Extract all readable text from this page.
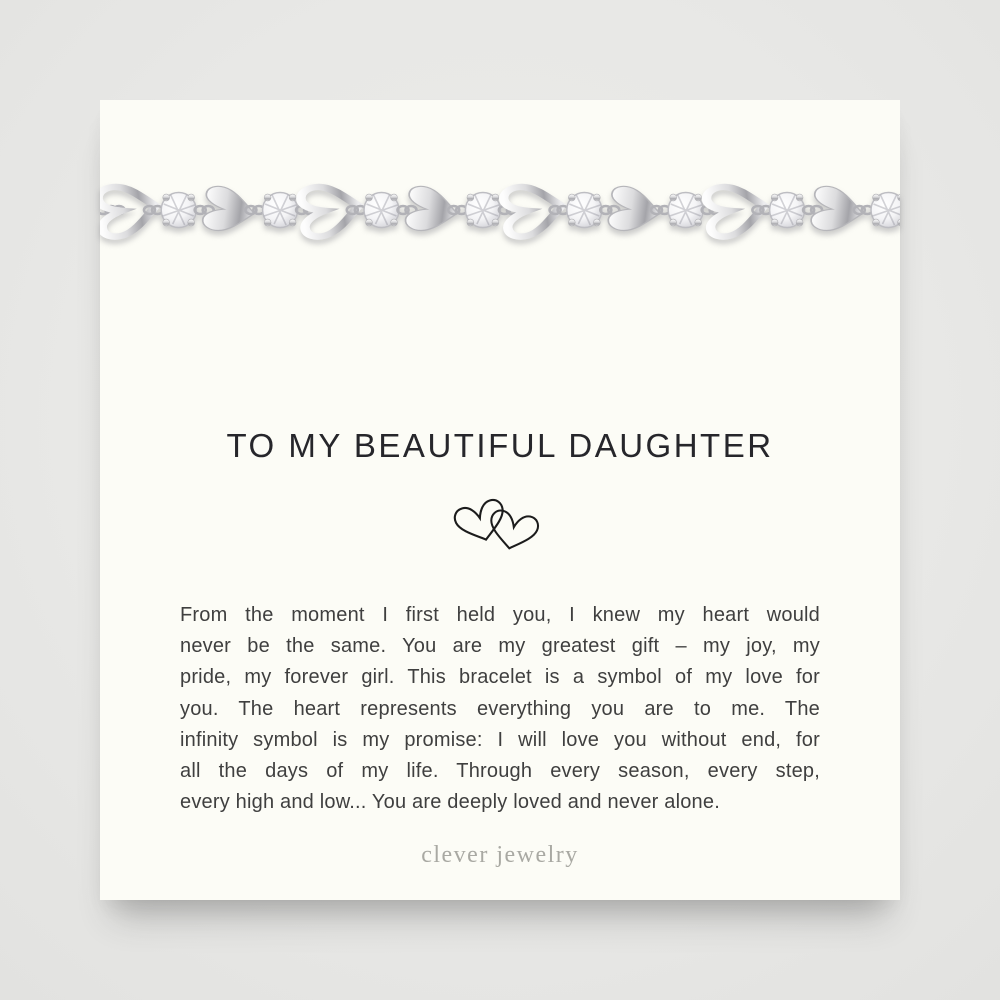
TO MY BEAUTIFUL DAUGHTER
From the moment I first held you, I knew my heart would
never be the same. You are my greatest gift – my joy, my
pride, my forever girl. This bracelet is a symbol of my love for
you. The heart represents everything you are to me. The
infinity symbol is my promise: I will love you without end, for
all the days of my life. Through every season, every step,
every high and low... You are deeply loved and never alone.
clever jewelry
